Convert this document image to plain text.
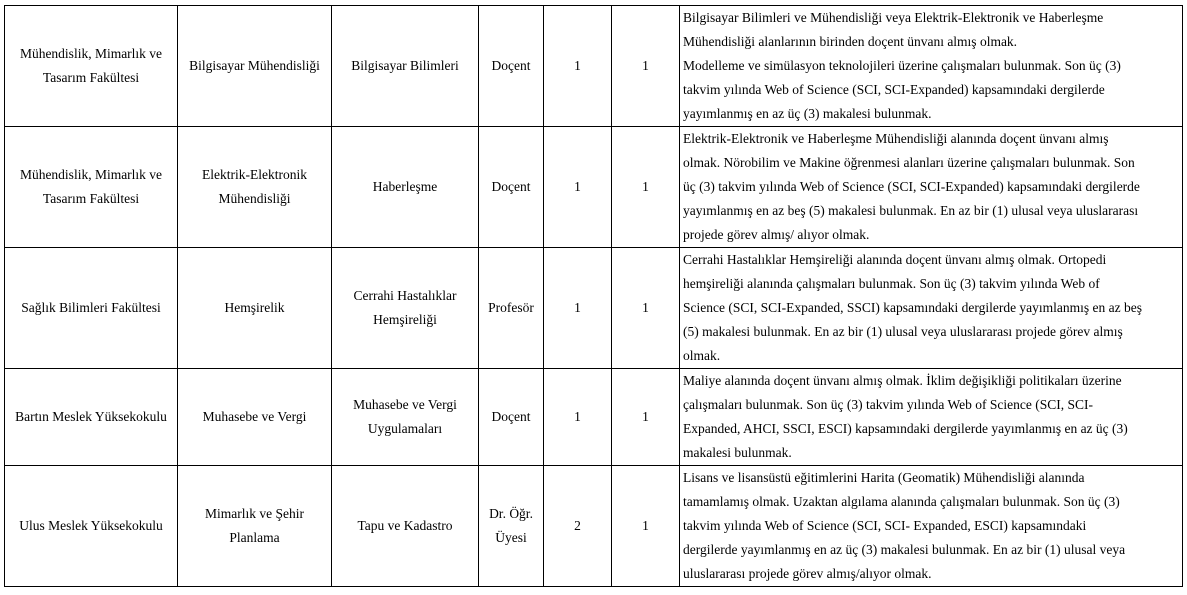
Mühendislik, Mimarlık ve Tasarım Fakültesi	Bilgisayar Mühendisliği	Bilgisayar Bilimleri	Doçent	1	1	Bilgisayar Bilimleri ve Mühendisliği veya Elektrik-Elektronik ve Haberleşme
Mühendisliği alanlarının birinden doçent ünvanı almış olmak.
Modelleme ve simülasyon teknolojileri üzerine çalışmaları bulunmak. Son üç (3)
takvim yılında Web of Science (SCI, SCI-Expanded) kapsamındaki dergilerde
yayımlanmış en az üç (3) makalesi bulunmak.

Mühendislik, Mimarlık ve Tasarım Fakültesi	Elektrik-Elektronik Mühendisliği	Haberleşme	Doçent	1	1	Elektrik-Elektronik ve Haberleşme Mühendisliği alanında doçent ünvanı almış
olmak. Nörobilim ve Makine öğrenmesi alanları üzerine çalışmaları bulunmak. Son
üç (3) takvim yılında Web of Science (SCI, SCI-Expanded) kapsamındaki dergilerde
yayımlanmış en az beş (5) makalesi bulunmak. En az bir (1) ulusal veya uluslararası
projede görev almış/ alıyor olmak.

Sağlık Bilimleri Fakültesi	Hemşirelik	Cerrahi Hastalıklar Hemşireliği	Profesör	1	1	Cerrahi Hastalıklar Hemşireliği alanında doçent ünvanı almış olmak. Ortopedi
hemşireliği alanında çalışmaları bulunmak. Son üç (3) takvim yılında Web of
Science (SCI, SCI-Expanded, SSCI) kapsamındaki dergilerde yayımlanmış en az beş
(5) makalesi bulunmak. En az bir (1) ulusal veya uluslararası projede görev almış
olmak.

Bartın Meslek Yüksekokulu	Muhasebe ve Vergi	Muhasebe ve Vergi Uygulamaları	Doçent	1	1	Maliye alanında doçent ünvanı almış olmak. İklim değişikliği politikaları üzerine
çalışmaları bulunmak. Son üç (3) takvim yılında Web of Science (SCI, SCI-
Expanded, AHCI, SSCI, ESCI) kapsamındaki dergilerde yayımlanmış en az üç (3)
makalesi bulunmak.

Ulus Meslek Yüksekokulu	Mimarlık ve Şehir Planlama	Tapu ve Kadastro	Dr. Öğr. Üyesi	2	1	Lisans ve lisansüstü eğitimlerini Harita (Geomatik) Mühendisliği alanında
tamamlamış olmak. Uzaktan algılama alanında çalışmaları bulunmak. Son üç (3)
takvim yılında Web of Science (SCI, SCI- Expanded, ESCI) kapsamındaki
dergilerde yayımlanmış en az üç (3) makalesi bulunmak. En az bir (1) ulusal veya
uluslararası projede görev almış/alıyor olmak.
